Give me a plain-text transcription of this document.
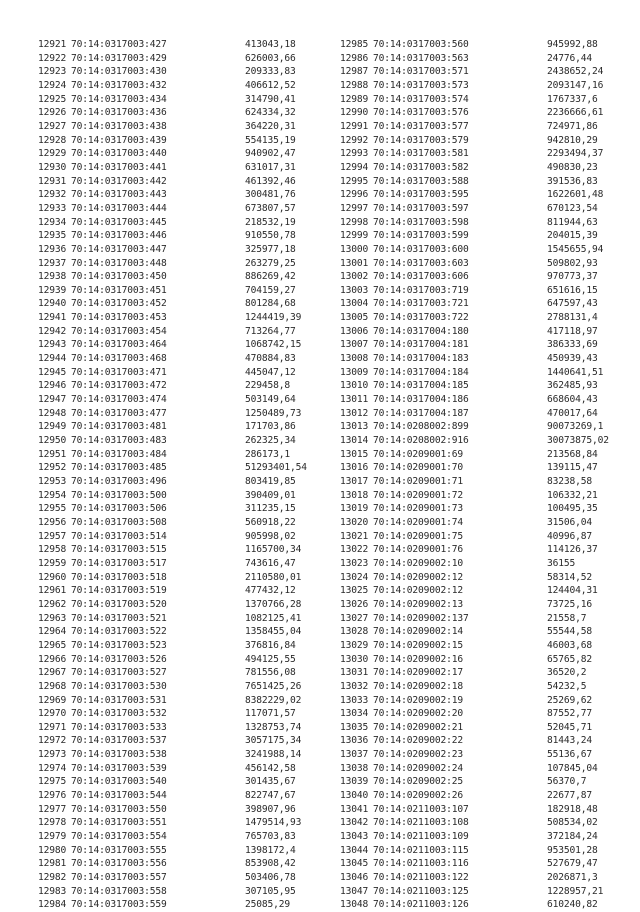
12921 70:14:0317003:427	413043,18
12922 70:14:0317003:429	626003,66
12923 70:14:0317003:430	209333,83
12924 70:14:0317003:432	406612,52
12925 70:14:0317003:434	314790,41
12926 70:14:0317003:436	624334,32
12927 70:14:0317003:438	364220,31
12928 70:14:0317003:439	554135,19
12929 70:14:0317003:440	940902,47
12930 70:14:0317003:441	631017,31
12931 70:14:0317003:442	461392,46
12932 70:14:0317003:443	300481,76
12933 70:14:0317003:444	673807,57
12934 70:14:0317003:445	218532,19
12935 70:14:0317003:446	910550,78
12936 70:14:0317003:447	325977,18
12937 70:14:0317003:448	263279,25
12938 70:14:0317003:450	886269,42
12939 70:14:0317003:451	704159,27
12940 70:14:0317003:452	801284,68
12941 70:14:0317003:453	1244419,39
12942 70:14:0317003:454	713264,77
12943 70:14:0317003:464	1068742,15
12944 70:14:0317003:468	470884,83
12945 70:14:0317003:471	445047,12
12946 70:14:0317003:472	229458,8
12947 70:14:0317003:474	503149,64
12948 70:14:0317003:477	1250489,73
12949 70:14:0317003:481	171703,86
12950 70:14:0317003:483	262325,34
12951 70:14:0317003:484	286173,1
12952 70:14:0317003:485	51293401,54
12953 70:14:0317003:496	803419,85
12954 70:14:0317003:500	390409,01
12955 70:14:0317003:506	311235,15
12956 70:14:0317003:508	560918,22
12957 70:14:0317003:514	905998,02
12958 70:14:0317003:515	1165700,34
12959 70:14:0317003:517	743616,47
12960 70:14:0317003:518	2110580,01
12961 70:14:0317003:519	477432,12
12962 70:14:0317003:520	1370766,28
12963 70:14:0317003:521	1082125,41
12964 70:14:0317003:522	1358455,04
12965 70:14:0317003:523	376816,84
12966 70:14:0317003:526	494125,55
12967 70:14:0317003:527	781556,08
12968 70:14:0317003:530	7651425,26
12969 70:14:0317003:531	8382229,02
12970 70:14:0317003:532	117071,57
12971 70:14:0317003:533	1328753,74
12972 70:14:0317003:537	3057175,34
12973 70:14:0317003:538	3241988,14
12974 70:14:0317003:539	456142,58
12975 70:14:0317003:540	301435,67
12976 70:14:0317003:544	822747,67
12977 70:14:0317003:550	398907,96
12978 70:14:0317003:551	1479514,93
12979 70:14:0317003:554	765703,83
12980 70:14:0317003:555	1398172,4
12981 70:14:0317003:556	853908,42
12982 70:14:0317003:557	503406,78
12983 70:14:0317003:558	307105,95
12984 70:14:0317003:559	25085,29
12985 70:14:0317003:560	945992,88
12986 70:14:0317003:563	24776,44
12987 70:14:0317003:571	2438652,24
12988 70:14:0317003:573	2093147,16
12989 70:14:0317003:574	1767337,6
12990 70:14:0317003:576	2236666,61
12991 70:14:0317003:577	724971,86
12992 70:14:0317003:579	942810,29
12993 70:14:0317003:581	2293494,37
12994 70:14:0317003:582	490830,23
12995 70:14:0317003:588	391536,83
12996 70:14:0317003:595	1622601,48
12997 70:14:0317003:597	670123,54
12998 70:14:0317003:598	811944,63
12999 70:14:0317003:599	204015,39
13000 70:14:0317003:600	1545655,94
13001 70:14:0317003:603	509802,93
13002 70:14:0317003:606	970773,37
13003 70:14:0317003:719	651616,15
13004 70:14:0317003:721	647597,43
13005 70:14:0317003:722	2788131,4
13006 70:14:0317004:180	417118,97
13007 70:14:0317004:181	386333,69
13008 70:14:0317004:183	450939,43
13009 70:14:0317004:184	1440641,51
13010 70:14:0317004:185	362485,93
13011 70:14:0317004:186	668604,43
13012 70:14:0317004:187	470017,64
13013 70:14:0208002:899	90073269,1
13014 70:14:0208002:916	30073875,02
13015 70:14:0209001:69	213568,84
13016 70:14:0209001:70	139115,47
13017 70:14:0209001:71	83238,58
13018 70:14:0209001:72	106332,21
13019 70:14:0209001:73	100495,35
13020 70:14:0209001:74	31506,04
13021 70:14:0209001:75	40996,87
13022 70:14:0209001:76	114126,37
13023 70:14:0209002:10	36155
13024 70:14:0209002:12	58314,52
13025 70:14:0209002:12	124404,31
13026 70:14:0209002:13	73725,16
13027 70:14:0209002:137	21558,7
13028 70:14:0209002:14	55544,58
13029 70:14:0209002:15	46003,68
13030 70:14:0209002:16	65765,82
13031 70:14:0209002:17	36520,2
13032 70:14:0209002:18	54232,5
13033 70:14:0209002:19	25269,62
13034 70:14:0209002:20	87552,77
13035 70:14:0209002:21	52045,71
13036 70:14:0209002:22	81443,24
13037 70:14:0209002:23	55136,67
13038 70:14:0209002:24	107845,04
13039 70:14:0209002:25	56370,7
13040 70:14:0209002:26	22677,87
13041 70:14:0211003:107	182918,48
13042 70:14:0211003:108	508534,02
13043 70:14:0211003:109	372184,24
13044 70:14:0211003:115	953501,28
13045 70:14:0211003:116	527679,47
13046 70:14:0211003:122	2026871,3
13047 70:14:0211003:125	1228957,21
13048 70:14:0211003:126	610240,82
